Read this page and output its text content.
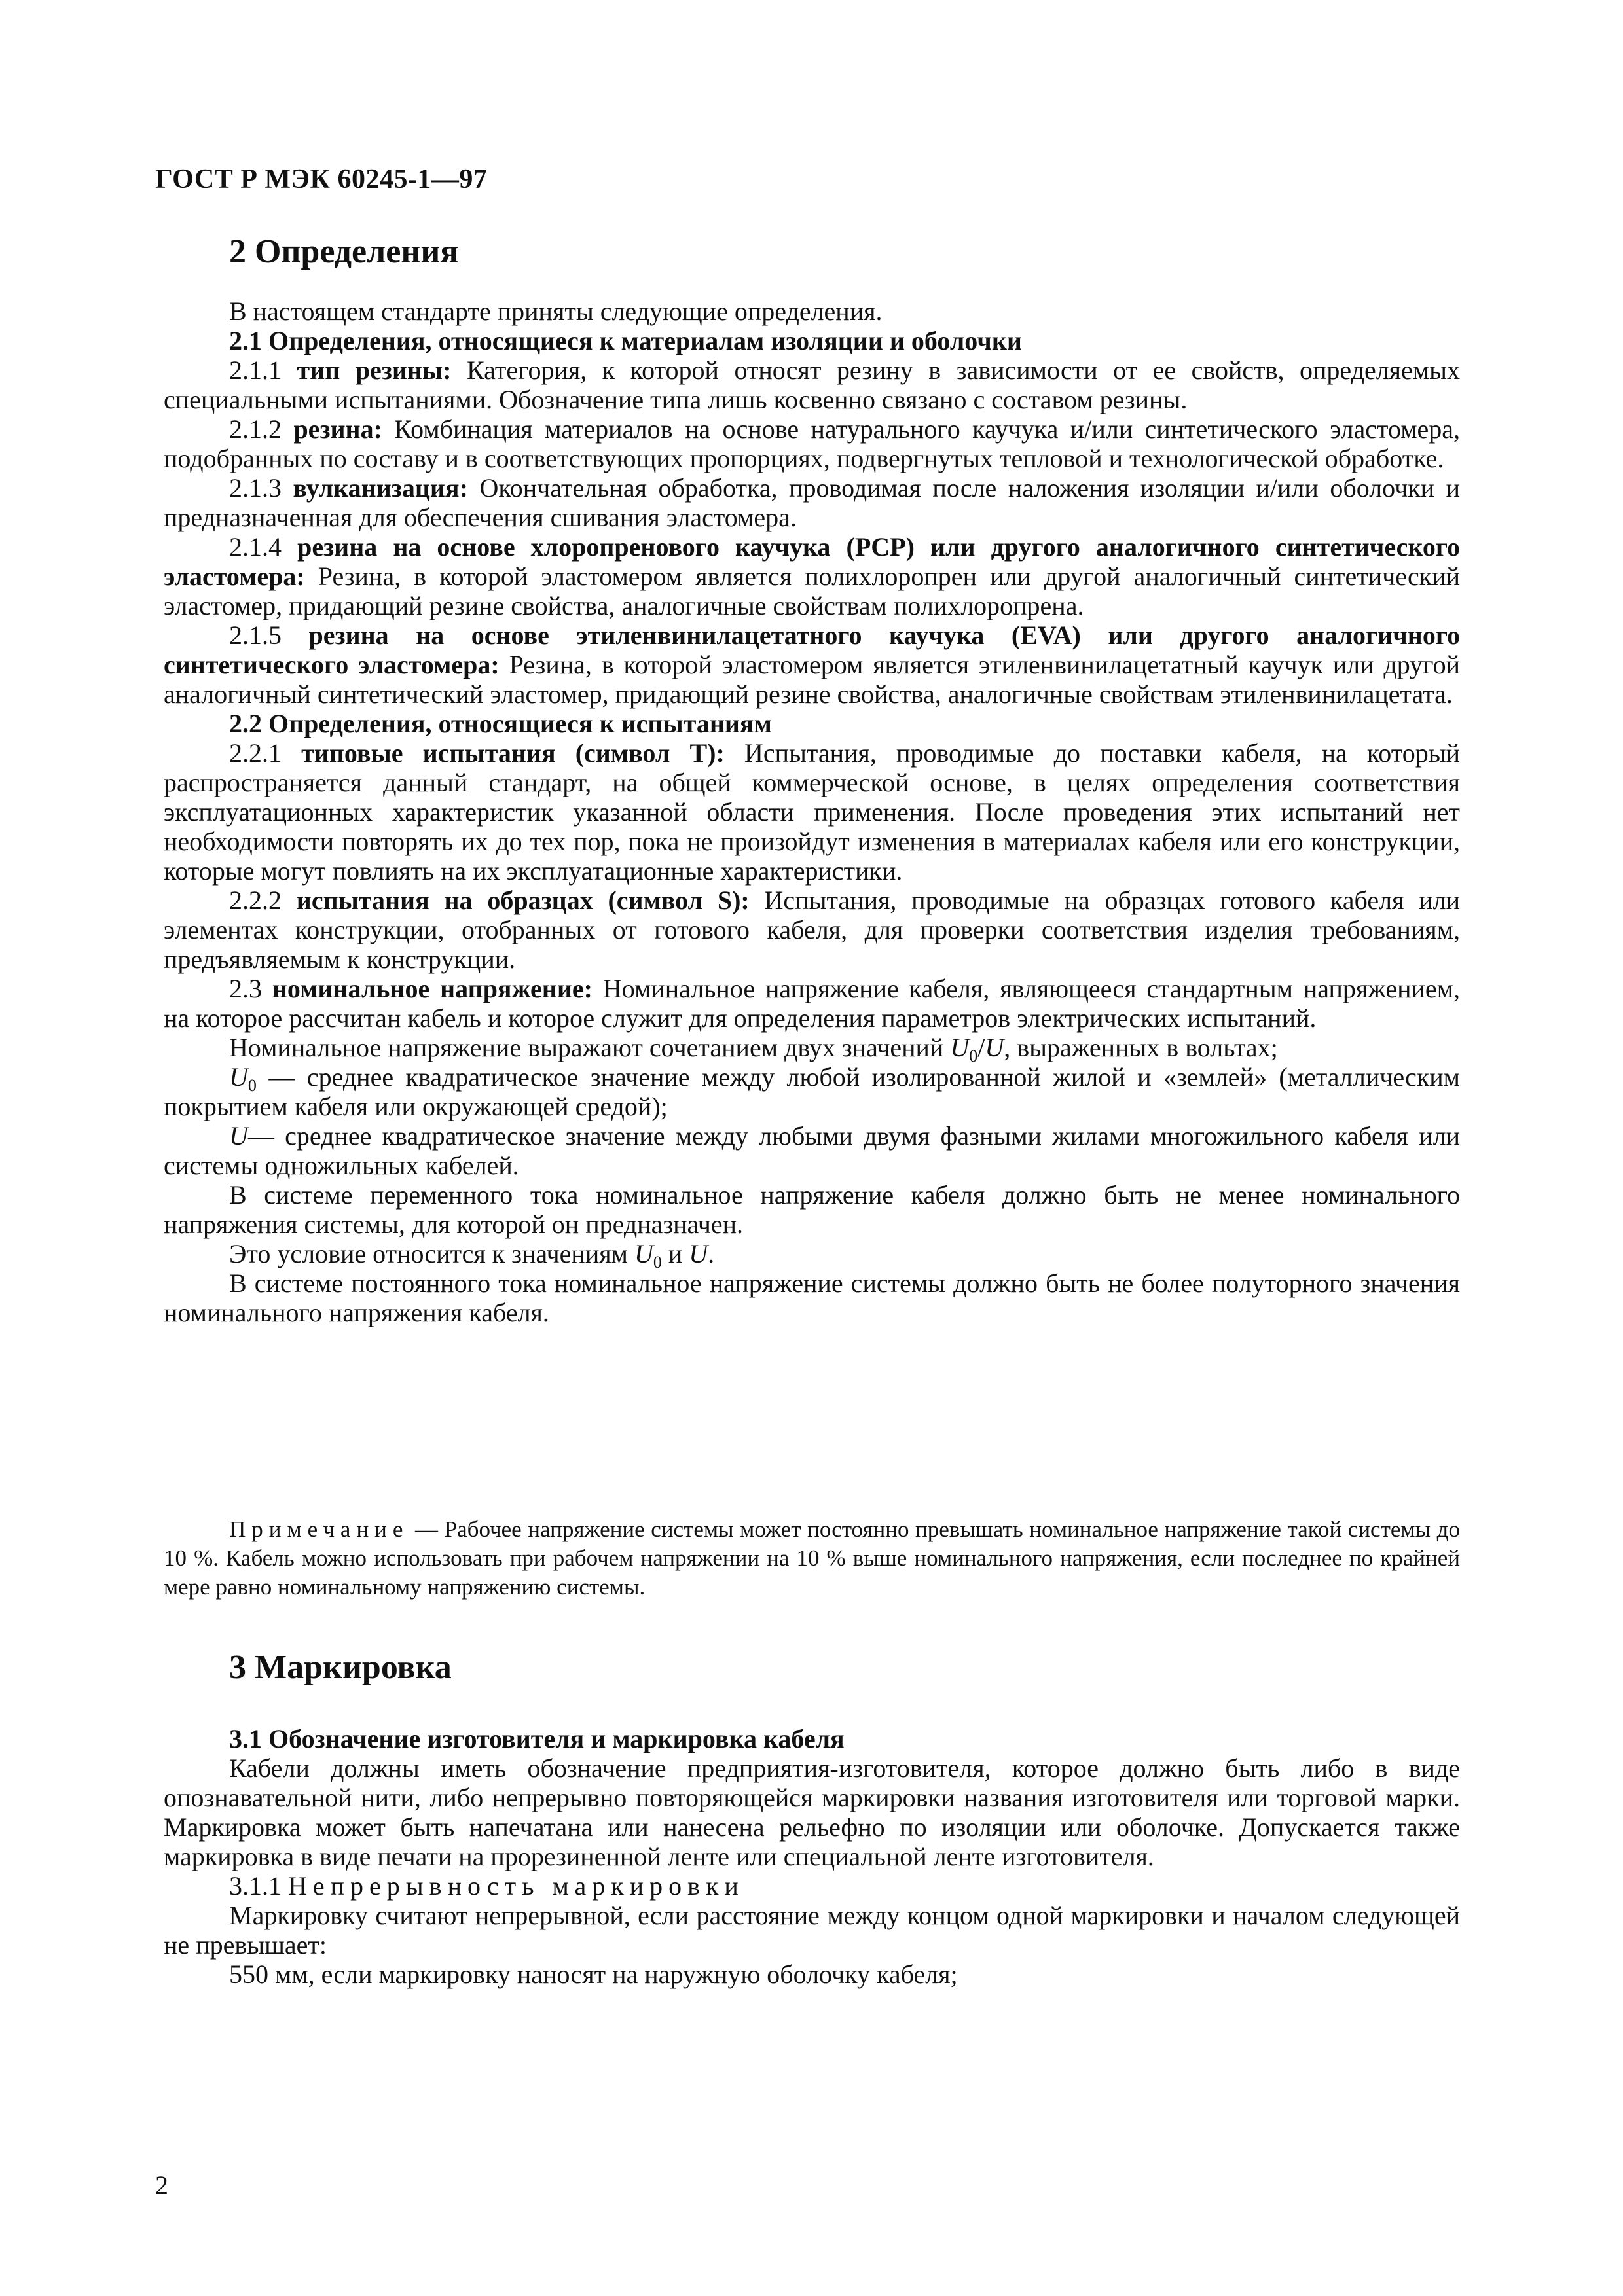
ГОСТ Р МЭК 60245-1—97
2 Определения

В настоящем стандарте приняты следующие определения.

2.1 Определения, относящиеся к материалам изоляции и оболочки

2.1.1 тип резины: Категория, к которой относят резину в зависимости от ее свойств, определяемых специальными испытаниями. Обозначение типа лишь косвенно связано с составом резины.

2.1.2 резина: Комбинация материалов на основе натурального каучука и/или синтетического эластомера, подобранных по составу и в соответствующих пропорциях, подвергнутых тепловой и технологической обработке.

2.1.3 вулканизация: Окончательная обработка, проводимая после наложения изоляции и/или оболочки и предназначенная для обеспечения сшивания эластомера.

2.1.4 резина на основе хлоропренового каучука (PCP) или другого аналогичного синтетического эластомера: Резина, в которой эластомером является полихлоропрен или другой аналогичный синтетический эластомер, придающий резине свойства, аналогичные свойствам полихлоропрена.

2.1.5 резина на основе этиленвинилацетатного каучука (EVA) или другого аналогичного синтетического эластомера: Резина, в которой эластомером является этиленвинилацетатный каучук или другой аналогичный синтетический эластомер, придающий резине свойства, аналогичные свойствам этиленвинилацетата.

2.2 Определения, относящиеся к испытаниям

2.2.1 типовые испытания (символ Т): Испытания, проводимые до поставки кабеля, на который распространяется данный стандарт, на общей коммерческой основе, в целях определения соответствия эксплуатационных характеристик указанной области применения. После проведения этих испытаний нет необходимости повторять их до тех пор, пока не произойдут изменения в материалах кабеля или его конструкции, которые могут повлиять на их эксплуатационные характеристики.

2.2.2 испытания на образцах (символ S): Испытания, проводимые на образцах готового кабеля или элементах конструкции, отобранных от готового кабеля, для проверки соответствия изделия требованиям, предъявляемым к конструкции.

2.3 номинальное напряжение: Номинальное напряжение кабеля, являющееся стандартным напряжением, на которое рассчитан кабель и которое служит для определения параметров электрических испытаний.

Номинальное напряжение выражают сочетанием двух значений $U_0/U$, выраженных в вольтах;

$U_0$ — среднее квадратическое значение между любой изолированной жилой и «землей» (металлическим покрытием кабеля или окружающей средой);

U— среднее квадратическое значение между любыми двумя фазными жилами многожильного кабеля или системы одножильных кабелей.

В системе переменного тока номинальное напряжение кабеля должно быть не менее номинального напряжения системы, для которой он предназначен.

Это условие относится к значениям $U_0$ и U.

В системе постоянного тока номинальное напряжение системы должно быть не более полуторного значения номинального напряжения кабеля.

Примечание — Рабочее напряжение системы может постоянно превышать номинальное напряжение такой системы до 10 %. Кабель можно использовать при рабочем напряжении на 10 % выше номинального напряжения, если последнее по крайней мере равно номинальному напряжению системы.

3 Маркировка

3.1 Обозначение изготовителя и маркировка кабеля

Кабели должны иметь обозначение предприятия-изготовителя, которое должно быть либо в виде опознавательной нити, либо непрерывно повторяющейся маркировки названия изготовителя или торговой марки. Маркировка может быть напечатана или нанесена рельефно по изоляции или оболочке. Допускается также маркировка в виде печати на прорезиненной ленте или специальной ленте изготовителя.

3.1.1 Непрерывность маркировки

Маркировку считают непрерывной, если расстояние между концом одной маркировки и началом следующей не превышает:

550 мм, если маркировку наносят на наружную оболочку кабеля;

2
